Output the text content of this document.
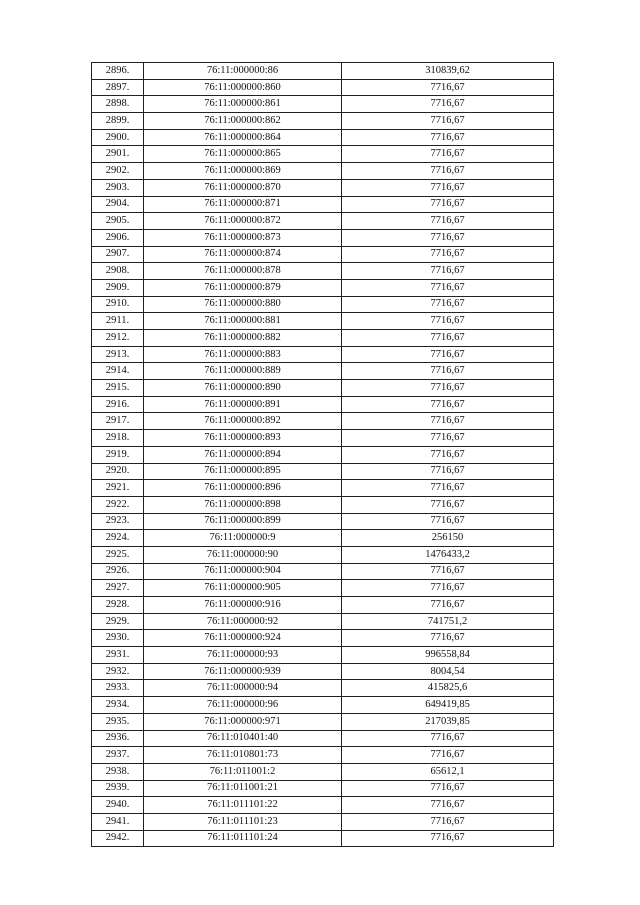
2896.	76:11:000000:86	310839,62
2897.	76:11:000000:860	7716,67
2898.	76:11:000000:861	7716,67
2899.	76:11:000000:862	7716,67
2900.	76:11:000000:864	7716,67
2901.	76:11:000000:865	7716,67
2902.	76:11:000000:869	7716,67
2903.	76:11:000000:870	7716,67
2904.	76:11:000000:871	7716,67
2905.	76:11:000000:872	7716,67
2906.	76:11:000000:873	7716,67
2907.	76:11:000000:874	7716,67
2908.	76:11:000000:878	7716,67
2909.	76:11:000000:879	7716,67
2910.	76:11:000000:880	7716,67
2911.	76:11:000000:881	7716,67
2912.	76:11:000000:882	7716,67
2913.	76:11:000000:883	7716,67
2914.	76:11:000000:889	7716,67
2915.	76:11:000000:890	7716,67
2916.	76:11:000000:891	7716,67
2917.	76:11:000000:892	7716,67
2918.	76:11:000000:893	7716,67
2919.	76:11:000000:894	7716,67
2920.	76:11:000000:895	7716,67
2921.	76:11:000000:896	7716,67
2922.	76:11:000000:898	7716,67
2923.	76:11:000000:899	7716,67
2924.	76:11:000000:9	256150
2925.	76:11:000000:90	1476433,2
2926.	76:11:000000:904	7716,67
2927.	76:11:000000:905	7716,67
2928.	76:11:000000:916	7716,67
2929.	76:11:000000:92	741751,2
2930.	76:11:000000:924	7716,67
2931.	76:11:000000:93	996558,84
2932.	76:11:000000:939	8004,54
2933.	76:11:000000:94	415825,6
2934.	76:11:000000:96	649419,85
2935.	76:11:000000:971	217039,85
2936.	76:11:010401:40	7716,67
2937.	76:11:010801:73	7716,67
2938.	76:11:011001:2	65612,1
2939.	76:11:011001:21	7716,67
2940.	76:11:011101:22	7716,67
2941.	76:11:011101:23	7716,67
2942.	76:11:011101:24	7716,67
